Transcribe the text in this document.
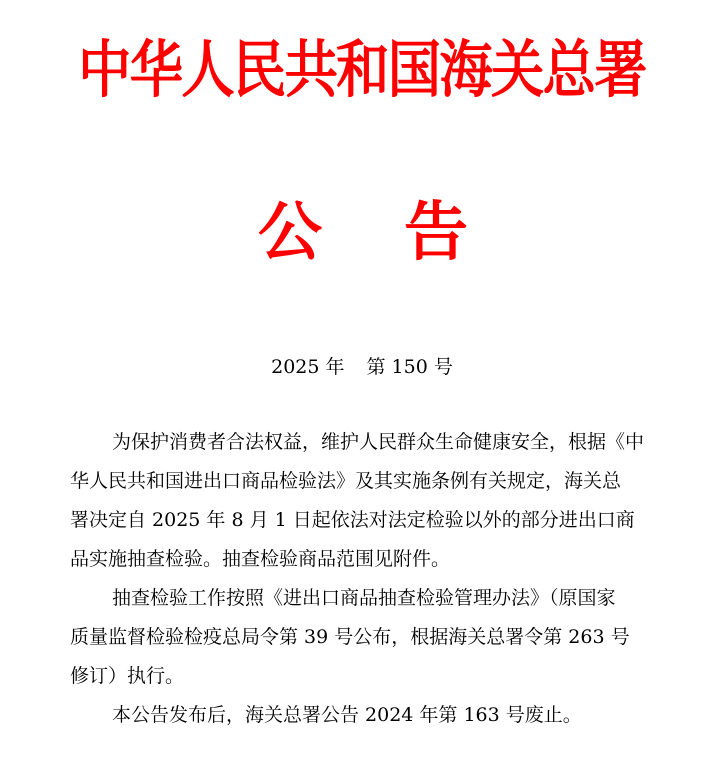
中华人民共和国海关总署
公 告
2025 年 第 150 号

为保护消费者合法权益，维护人民群众生命健康安全，根据《中
华人民共和国进出口商品检验法》及其实施条例有关规定，海关总
署决定自 2025 年 8 月 1 日起依法对法定检验以外的部分进出口商
品实施抽查检验。抽查检验商品范围见附件。

抽查检验工作按照《进出口商品抽查检验管理办法》（原国家
质量监督检验检疫总局令第 39 号公布，根据海关总署令第 263 号
修订）执行。

本公告发布后，海关总署公告 2024 年第 163 号废止。
